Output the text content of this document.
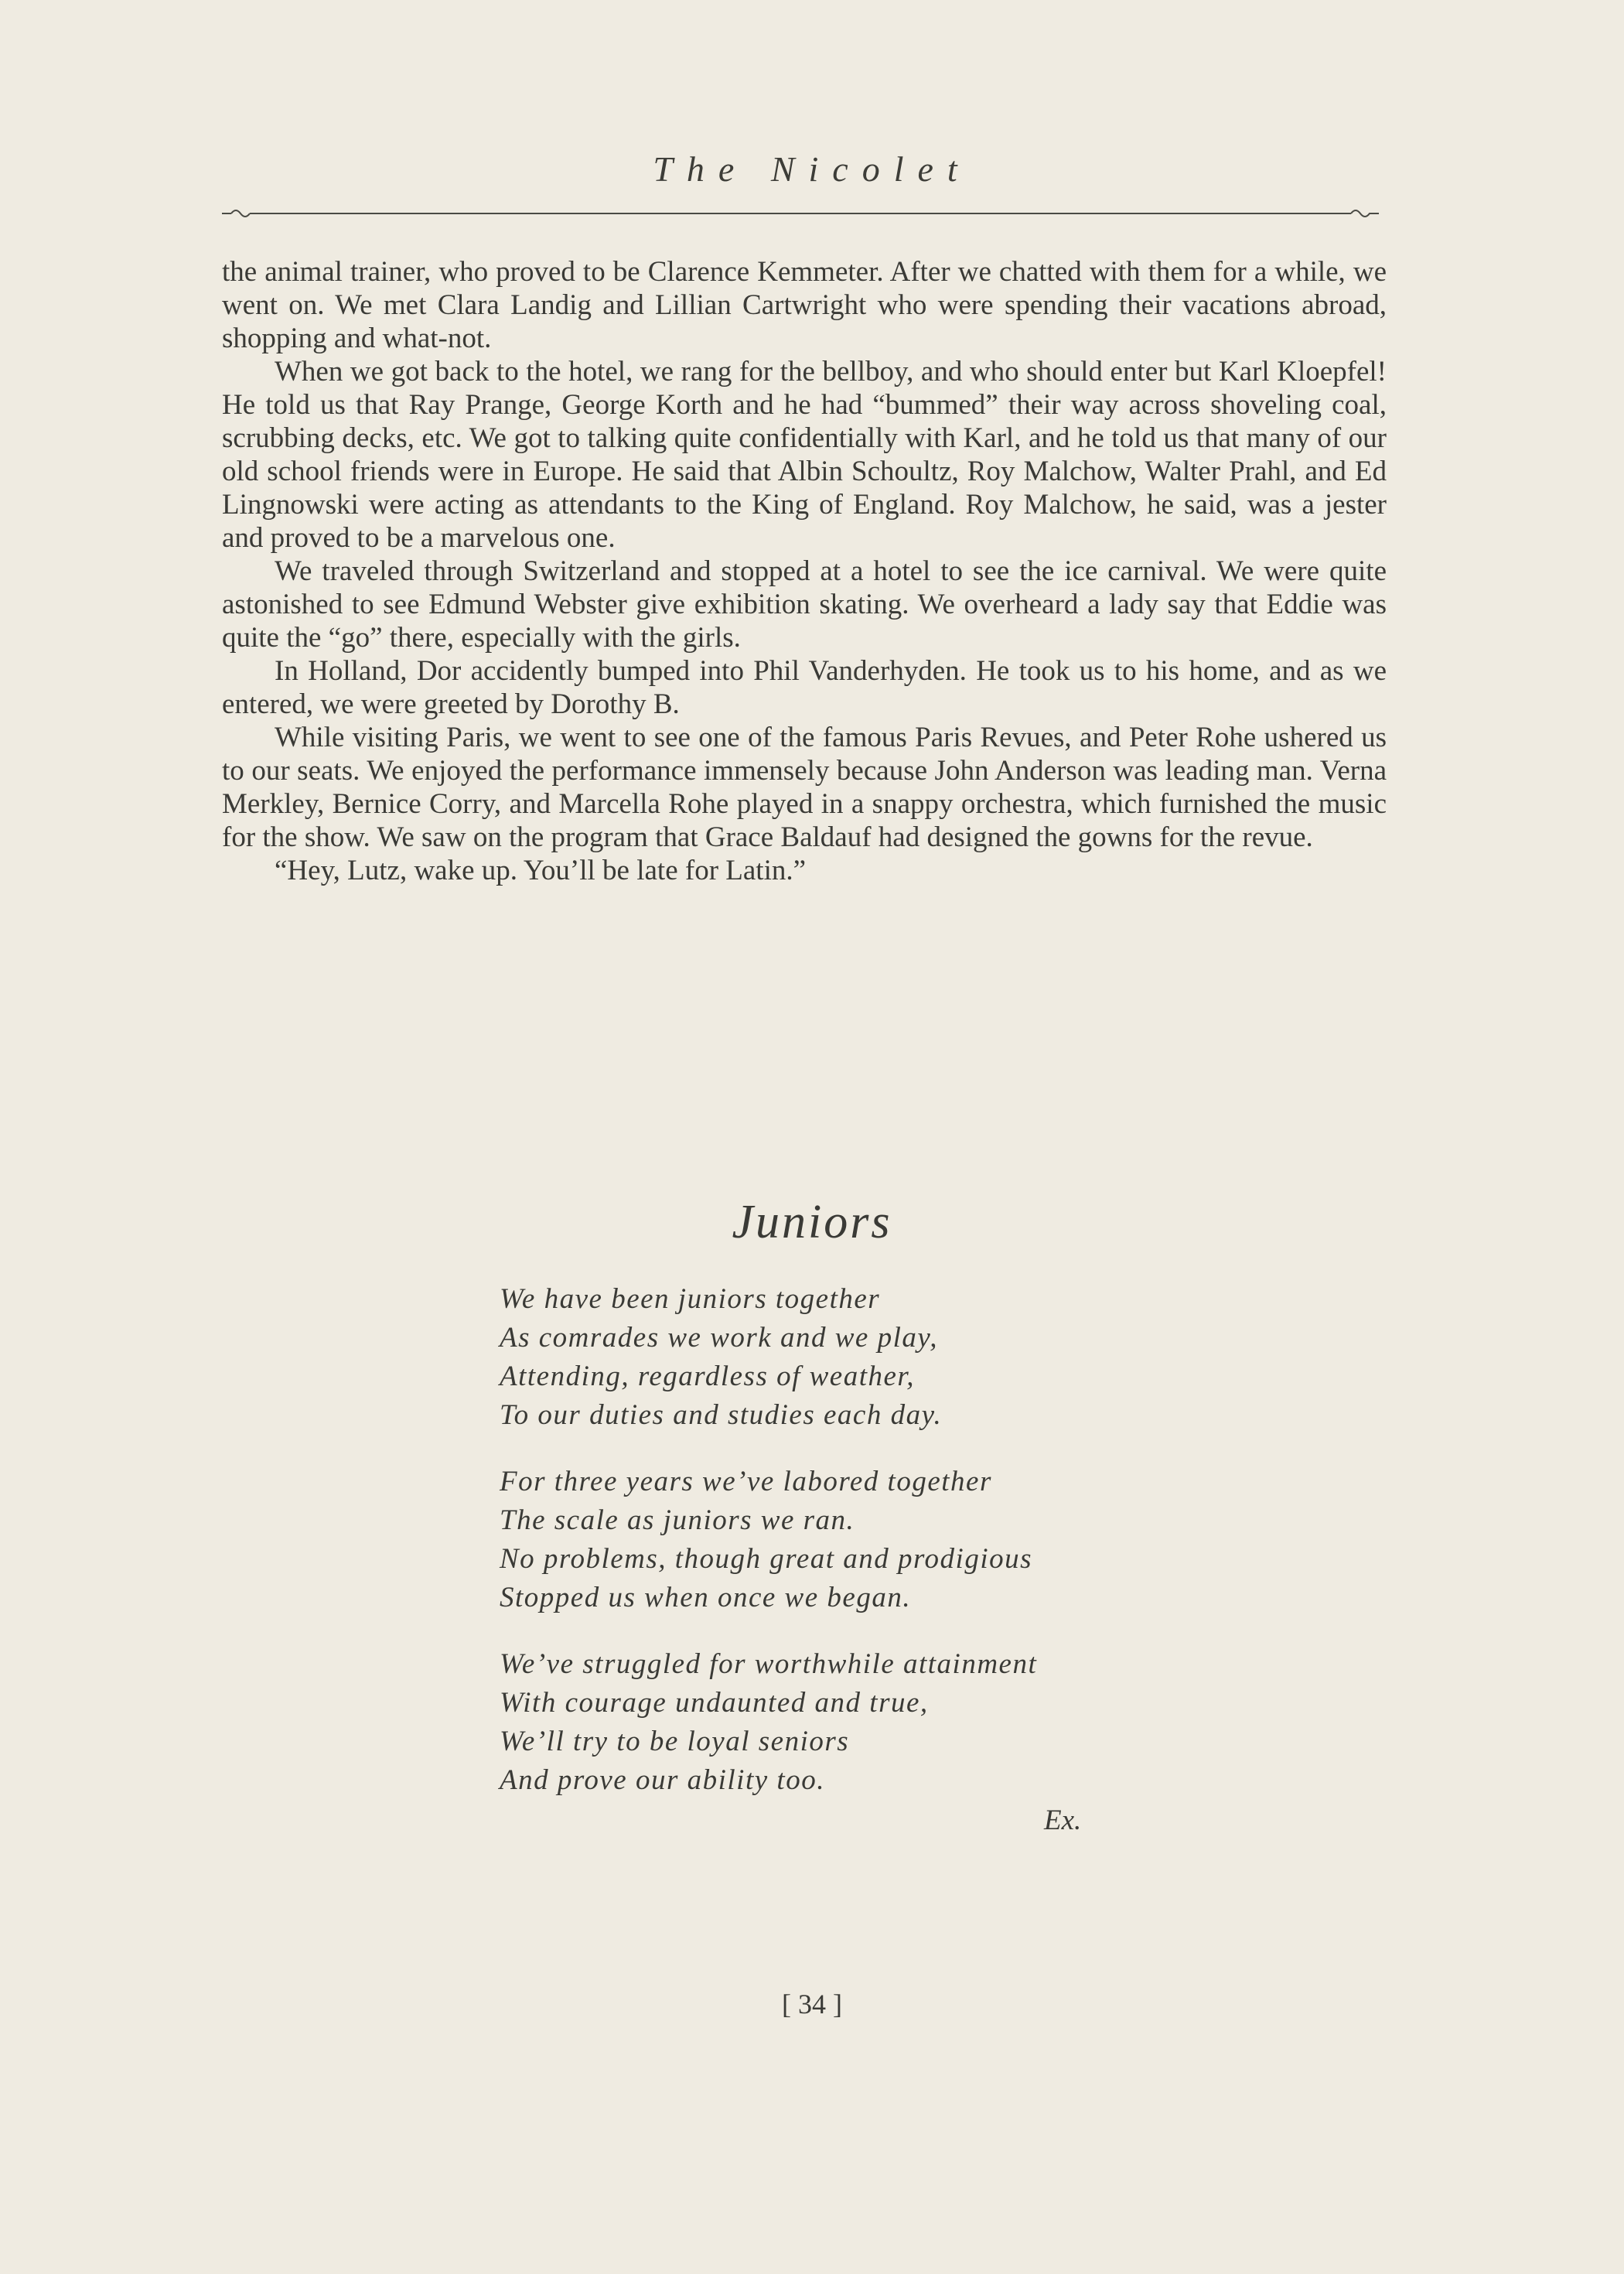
The Nicolet

the animal trainer, who proved to be Clarence Kemmeter. After we chatted with them for a while, we went on. We met Clara Landig and Lillian Cartwright who were spending their vacations abroad, shopping and what-not.

When we got back to the hotel, we rang for the bellboy, and who should enter but Karl Kloepfel! He told us that Ray Prange, George Korth and he had “bummed” their way across shoveling coal, scrubbing decks, etc. We got to talking quite confidentially with Karl, and he told us that many of our old school friends were in Europe. He said that Albin Schoultz, Roy Malchow, Walter Prahl, and Ed Lingnowski were acting as attendants to the King of England. Roy Malchow, he said, was a jester and proved to be a marvelous one.

We traveled through Switzerland and stopped at a hotel to see the ice carnival. We were quite astonished to see Edmund Webster give exhibition skating. We overheard a lady say that Eddie was quite the “go” there, especially with the girls.

In Holland, Dor accidently bumped into Phil Vanderhyden. He took us to his home, and as we entered, we were greeted by Dorothy B.

While visiting Paris, we went to see one of the famous Paris Revues, and Peter Rohe ushered us to our seats. We enjoyed the performance immensely because John Anderson was leading man. Verna Merkley, Bernice Corry, and Marcella Rohe played in a snappy orchestra, which furnished the music for the show. We saw on the program that Grace Baldauf had designed the gowns for the revue.

“Hey, Lutz, wake up. You’ll be late for Latin.”

Juniors
We have been juniors together
As comrades we work and we play,
Attending, regardless of weather,
To our duties and studies each day.
For three years we’ve labored together
The scale as juniors we ran.
No problems, though great and prodigious
Stopped us when once we began.
We’ve struggled for worthwhile attainment
With courage undaunted and true,
We’ll try to be loyal seniors
And prove our ability too.
Ex.
[ 34 ]
